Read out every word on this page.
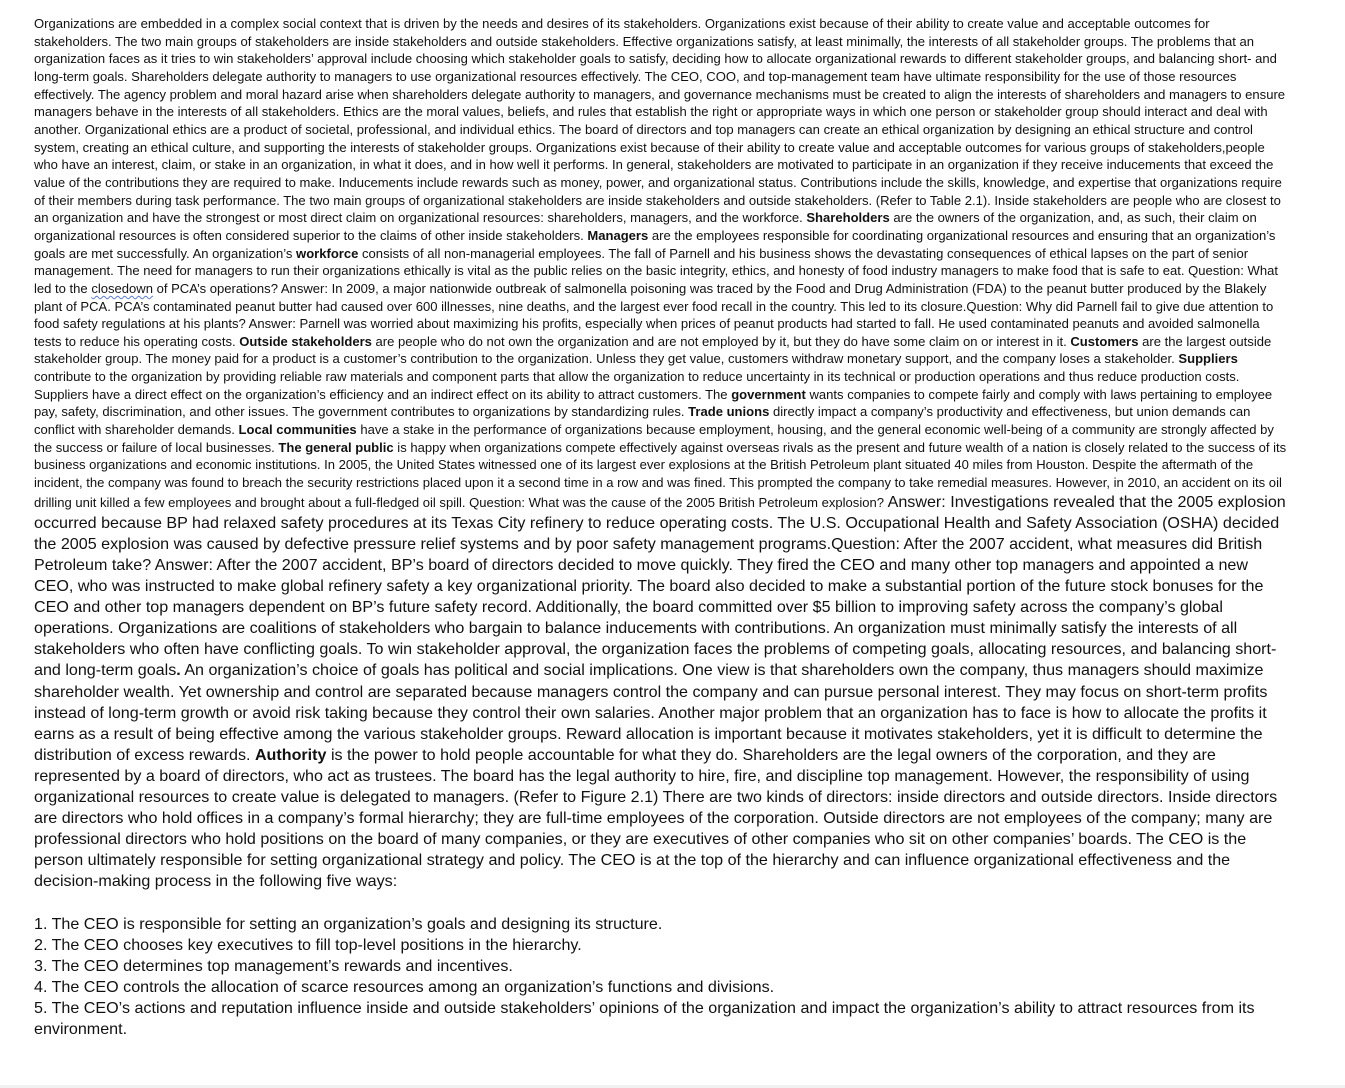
Organizations are embedded in a complex social context that is driven by the needs and desires of its stakeholders. Organizations exist because of their ability to create value and acceptable outcomes for stakeholders. The two main groups of stakeholders are inside stakeholders and outside stakeholders. Effective organizations satisfy, at least minimally, the interests of all stakeholder groups. The problems that an organization faces as it tries to win stakeholders’ approval include choosing which stakeholder goals to satisfy, deciding how to allocate organizational rewards to different stakeholder groups, and balancing short- and long-term goals. Shareholders delegate authority to managers to use organizational resources effectively. The CEO, COO, and top-management team have ultimate responsibility for the use of those resources effectively. The agency problem and moral hazard arise when shareholders delegate authority to managers, and governance mechanisms must be created to align the interests of shareholders and managers to ensure managers behave in the interests of all stakeholders. Ethics are the moral values, beliefs, and rules that establish the right or appropriate ways in which one person or stakeholder group should interact and deal with another. Organizational ethics are a product of societal, professional, and individual ethics. The board of directors and top managers can create an ethical organization by designing an ethical structure and control system, creating an ethical culture, and supporting the interests of stakeholder groups. Organizations exist because of their ability to create value and acceptable outcomes for various groups of stakeholders,people who have an interest, claim, or stake in an organization, in what it does, and in how well it performs. In general, stakeholders are motivated to participate in an organization if they receive inducements that exceed the value of the contributions they are required to make. Inducements include rewards such as money, power, and organizational status. Contributions include the skills, knowledge, and expertise that organizations require of their members during task performance. The two main groups of organizational stakeholders are inside stakeholders and outside stakeholders. (Refer to Table 2.1). Inside stakeholders are people who are closest to an organization and have the strongest or most direct claim on organizational resources: shareholders, managers, and the workforce. Shareholders are the owners of the organization, and, as such, their claim on organizational resources is often considered superior to the claims of other inside stakeholders. Managers are the employees responsible for coordinating organizational resources and ensuring that an organization’s goals are met successfully. An organization’s workforce consists of all non-managerial employees. The fall of Parnell and his business shows the devastating consequences of ethical lapses on the part of senior management. The need for managers to run their organizations ethically is vital as the public relies on the basic integrity, ethics, and honesty of food industry managers to make food that is safe to eat. Question: What led to the closedown of PCA’s operations? Answer: In 2009, a major nationwide outbreak of salmonella poisoning was traced by the Food and Drug Administration (FDA) to the peanut butter produced by the Blakely plant of PCA. PCA’s contaminated peanut butter had caused over 600 illnesses, nine deaths, and the largest ever food recall in the country. This led to its closure.Question: Why did Parnell fail to give due attention to food safety regulations at his plants? Answer: Parnell was worried about maximizing his profits, especially when prices of peanut products had started to fall. He used contaminated peanuts and avoided salmonella tests to reduce his operating costs. Outside stakeholders are people who do not own the organization and are not employed by it, but they do have some claim on or interest in it. Customers are the largest outside stakeholder group. The money paid for a product is a customer’s contribution to the organization. Unless they get value, customers withdraw monetary support, and the company loses a stakeholder. Suppliers contribute to the organization by providing reliable raw materials and component parts that allow the organization to reduce uncertainty in its technical or production operations and thus reduce production costs. Suppliers have a direct effect on the organization’s efficiency and an indirect effect on its ability to attract customers. The government wants companies to compete fairly and comply with laws pertaining to employee pay, safety, discrimination, and other issues. The government contributes to organizations by standardizing rules. Trade unions directly impact a company’s productivity and effectiveness, but union demands can conflict with shareholder demands. Local communities have a stake in the performance of organizations because employment, housing, and the general economic well-being of a community are strongly affected by the success or failure of local businesses. The general public is happy when organizations compete effectively against overseas rivals as the present and future wealth of a nation is closely related to the success of its business organizations and economic institutions. In 2005, the United States witnessed one of its largest ever explosions at the British Petroleum plant situated 40 miles from Houston. Despite the aftermath of the incident, the company was found to breach the security restrictions placed upon it a second time in a row and was fined. This prompted the company to take remedial measures. However, in 2010, an accident on its oil drilling unit killed a few employees and brought about a full-fledged oil spill. Question: What was the cause of the 2005 British Petroleum explosion? Answer: Investigations revealed that the 2005 explosion occurred because BP had relaxed safety procedures at its Texas City refinery to reduce operating costs. The U.S. Occupational Health and Safety Association (OSHA) decided the 2005 explosion was caused by defective pressure relief systems and by poor safety management programs.Question: After the 2007 accident, what measures did British Petroleum take? Answer: After the 2007 accident, BP’s board of directors decided to move quickly. They fired the CEO and many other top managers and appointed a new CEO, who was instructed to make global refinery safety a key organizational priority. The board also decided to make a substantial portion of the future stock bonuses for the CEO and other top managers dependent on BP’s future safety record. Additionally, the board committed over $5 billion to improving safety across the company’s global operations. Organizations are coalitions of stakeholders who bargain to balance inducements with contributions. An organization must minimally satisfy the interests of all stakeholders who often have conflicting goals. To win stakeholder approval, the organization faces the problems of competing goals, allocating resources, and balancing short- and long-term goals. An organization’s choice of goals has political and social implications. One view is that shareholders own the company, thus managers should maximize shareholder wealth. Yet ownership and control are separated because managers control the company and can pursue personal interest. They may focus on short-term profits instead of long-term growth or avoid risk taking because they control their own salaries. Another major problem that an organization has to face is how to allocate the profits it earns as a result of being effective among the various stakeholder groups. Reward allocation is important because it motivates stakeholders, yet it is difficult to determine the distribution of excess rewards. Authority is the power to hold people accountable for what they do. Shareholders are the legal owners of the corporation, and they are represented by a board of directors, who act as trustees. The board has the legal authority to hire, fire, and discipline top management. However, the responsibility of using organizational resources to create value is delegated to managers. (Refer to Figure 2.1) There are two kinds of directors: inside directors and outside directors. Inside directors are directors who hold offices in a company’s formal hierarchy; they are full-time employees of the corporation. Outside directors are not employees of the company; many are professional directors who hold positions on the board of many companies, or they are executives of other companies who sit on other companies’ boards. The CEO is the person ultimately responsible for setting organizational strategy and policy. The CEO is at the top of the hierarchy and can influence organizational effectiveness and the decision-making process in the following five ways:

1. The CEO is responsible for setting an organization’s goals and designing its structure.
2. The CEO chooses key executives to fill top-level positions in the hierarchy.
3. The CEO determines top management’s rewards and incentives.
4. The CEO controls the allocation of scarce resources among an organization’s functions and divisions.
5. The CEO’s actions and reputation influence inside and outside stakeholders’ opinions of the organization and impact the organization’s ability to attract resources from its environment.
